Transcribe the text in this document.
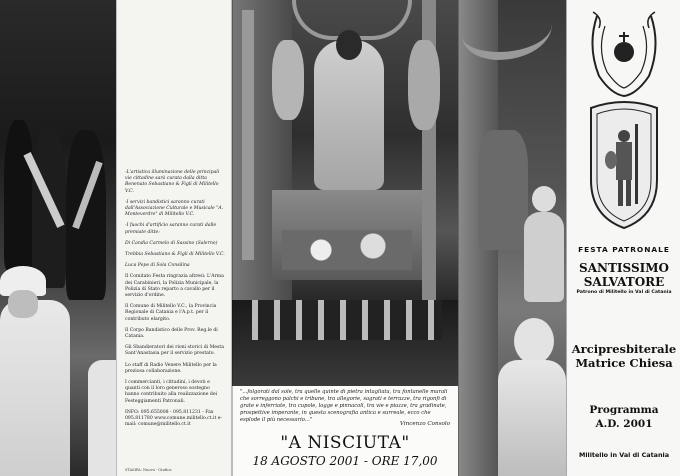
-L'artistica illuminazione delle principali vie cittadine sarà curata dalla ditta Benenato Sebastiano & Figli di Militello V.C.

-I servizi bandistici saranno curati dall'Associazione Culturale e Musicale "A. Monteverdre" di Militello V.C.

-I fuochi d'artificio saranno curati dalle premiate ditte:

Di Candia Carmelo di Sassino (Salerno)

Trebbia Sebastiano & Figli di Militello V.C.

Luca Pepe di Sola Consilina

Il Comitato Festa ringrazia altresì: L'Arma dei Carabinieri, la Polizia Municipale, la Polizia di Stato reparto a cavallo per il servizio d'ordine.

Il Comune di Militello V.C., la Provincia Regionale di Catania e l'A.p.t. per il contributo elargito.

Il Corpo Bandistico delle Prov. Reg.le di Catania.

Gli Sbandieratori dei rioni storici di Mesta Sant'Anastasia per il servizio prestato.

Lo staff di Radio Venere Militello per la preziosa collaborazione.

I commercianti, i cittadini, i devoti e quanti con il loro generoso sostegno hanno contribuito alla realizzazione dei Festeggiamenti Patronali.

INFO: 095.655008 - 095.811231 - Fax 095.811780 www.comune.militello.ct.it e-mail: comune@militello.ct.it

STAMPA: Nuova - Grafica
"...folgorati dal sole, tra quelle quinte di pietra intagliata, tra fontanelle murali che sorreggono palchi e tribune, tra allegorie, sagrati e terrazze, tra rigonfi di grate e inferriate, tra cupole, logge e pinnacoli, tra vie e piazze, tra gradinate, prospettive imperante, in questa scenografia antica e surreale, ecco che esplode il più necessario..."
Vincenzo Consolo
"A NISCIUTA"
18 AGOSTO 2001 - ORE 17,00
FESTA PATRONALE
SANTISSIMO
SALVATORE
Patrono di Militello in Val di Catania
Arcipresbiterale
Matrice Chiesa
Programma
A.D. 2001
Militello in Val di Catania
